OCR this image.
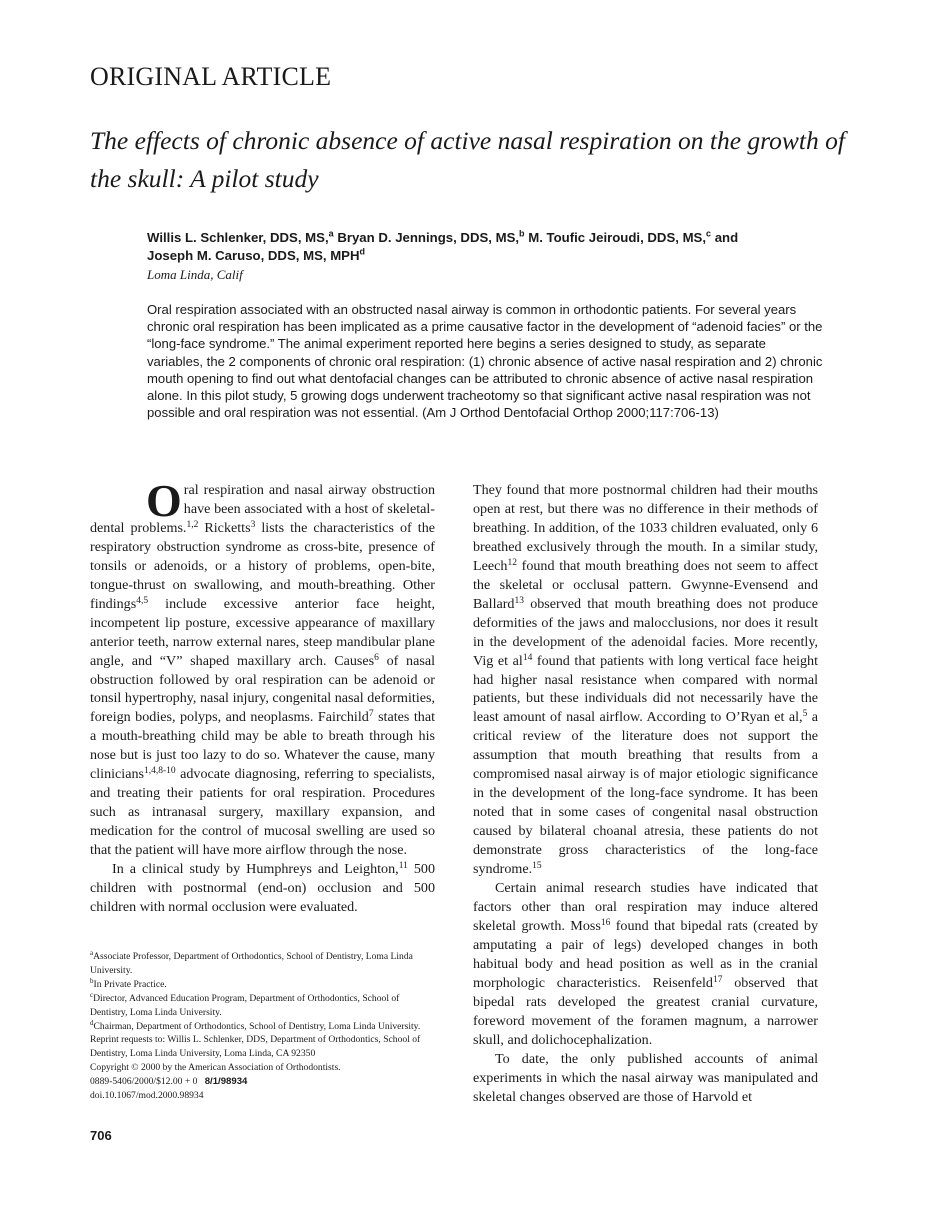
ORIGINAL ARTICLE
The effects of chronic absence of active nasal respiration on the growth of the skull: A pilot study
Willis L. Schlenker, DDS, MS,$^a$ Bryan D. Jennings, DDS, MS,$^b$ M. Toufic Jeiroudi, DDS, MS,$^c$ and
Joseph M. Caruso, DDS, MS, MPH$^d$
Loma Linda, Calif
Oral respiration associated with an obstructed nasal airway is common in orthodontic patients. For several years chronic oral respiration has been implicated as a prime causative factor in the development of “adenoid facies” or the “long-face syndrome.” The animal experiment reported here begins a series designed to study, as separate variables, the 2 components of chronic oral respiration: (1) chronic absence of active nasal respiration and 2) chronic mouth opening to find out what dentofacial changes can be attributed to chronic absence of active nasal respiration alone. In this pilot study, 5 growing dogs underwent tracheotomy so that significant active nasal respiration was not possible and oral respiration was not essential. (Am J Orthod Dentofacial Orthop 2000;117:706-13)

Oral respiration and nasal airway obstruction have been associated with a host of skeletal-dental problems.$^{1,2}$ Ricketts$^3$ lists the characteristics of the respiratory obstruction syndrome as cross-bite, presence of tonsils or adenoids, or a history of problems, open-bite, tongue-thrust on swallowing, and mouth-breathing. Other findings$^{4,5}$ include excessive anterior face height, incompetent lip posture, excessive appearance of maxillary anterior teeth, narrow external nares, steep mandibular plane angle, and “V” shaped maxillary arch. Causes$^6$ of nasal obstruction followed by oral respiration can be adenoid or tonsil hypertrophy, nasal injury, congenital nasal deformities, foreign bodies, polyps, and neoplasms. Fairchild$^7$ states that a mouth-breathing child may be able to breath through his nose but is just too lazy to do so. Whatever the cause, many clinicians$^{1,4,8-10}$ advocate diagnosing, referring to specialists, and treating their patients for oral respiration. Procedures such as intranasal surgery, maxillary expansion, and medication for the control of mucosal swelling are used so that the patient will have more airflow through the nose.

In a clinical study by Humphreys and Leighton,$^{11}$ 500 children with postnormal (end-on) occlusion and 500 children with normal occlusion were evaluated.

$^a$Associate Professor, Department of Orthodontics, School of Dentistry, Loma Linda University.
$^b$In Private Practice.
$^c$Director, Advanced Education Program, Department of Orthodontics, School of Dentistry, Loma Linda University.
$^d$Chairman, Department of Orthodontics, School of Dentistry, Loma Linda University.
Reprint requests to: Willis L. Schlenker, DDS, Department of Orthodontics, School of Dentistry, Loma Linda University, Loma Linda, CA 92350
Copyright © 2000 by the American Association of Orthodontists.
0889-5406/2000/$12.00 + 0 8/1/98934
doi.10.1067/mod.2000.98934

They found that more postnormal children had their mouths open at rest, but there was no difference in their methods of breathing. In addition, of the 1033 children evaluated, only 6 breathed exclusively through the mouth. In a similar study, Leech$^{12}$ found that mouth breathing does not seem to affect the skeletal or occlusal pattern. Gwynne-Evensend and Ballard$^{13}$ observed that mouth breathing does not produce deformities of the jaws and malocclusions, nor does it result in the development of the adenoidal facies. More recently, Vig et $al^{14}$ found that patients with long vertical face height had higher nasal resistance when compared with normal patients, but these individuals did not necessarily have the least amount of nasal airflow. According to O’Ryan et al,$^5$ a critical review of the literature does not support the assumption that mouth breathing that results from a compromised nasal airway is of major etiologic significance in the development of the long-face syndrome. It has been noted that in some cases of congenital nasal obstruction caused by bilateral choanal atresia, these patients do not demonstrate gross characteristics of the long-face syndrome.$^{15}$

Certain animal research studies have indicated that factors other than oral respiration may induce altered skeletal growth. Moss$^{16}$ found that bipedal rats (created by amputating a pair of legs) developed changes in both habitual body and head position as well as in the cranial morphologic characteristics. Reisenfeld$^{17}$ observed that bipedal rats developed the greatest cranial curvature, foreword movement of the foramen magnum, a narrower skull, and dolichocephalization.

To date, the only published accounts of animal experiments in which the nasal airway was manipulated and skeletal changes observed are those of Harvold et

706
